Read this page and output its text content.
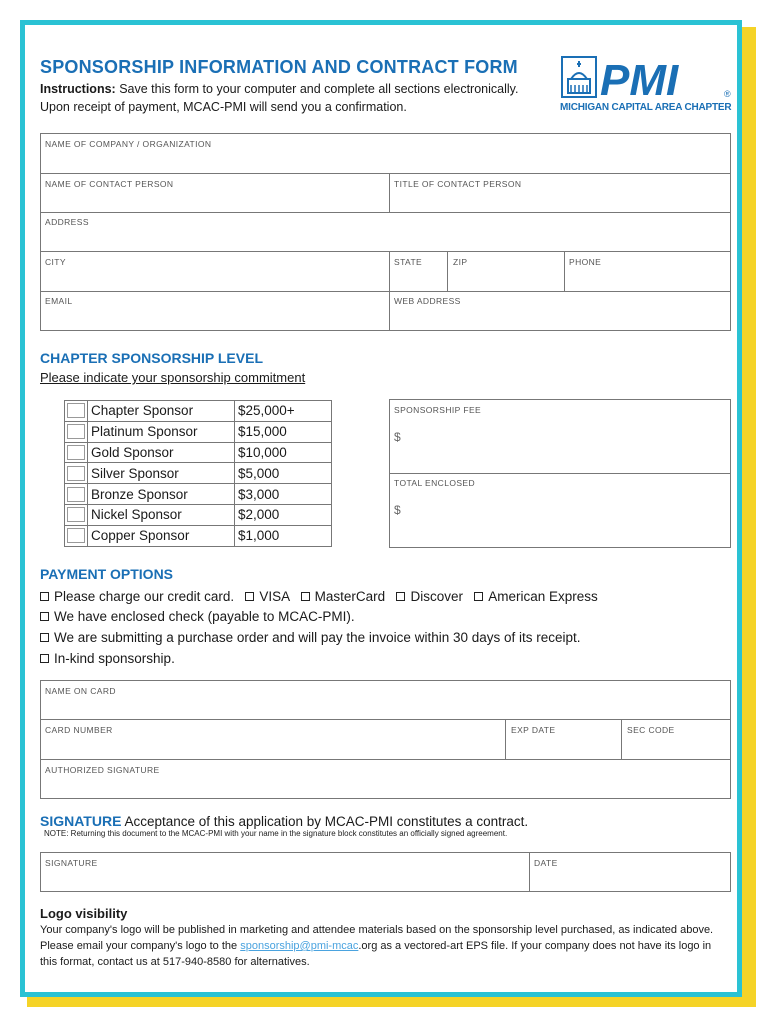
SPONSORSHIP INFORMATION AND CONTRACT FORM
Instructions: Save this form to your computer and complete all sections electronically.
Upon receipt of payment, MCAC-PMI will send you a confirmation.
PMI	®
MICHIGAN CAPITAL AREA CHAPTER
NAME OF COMPANY / ORGANIZATION
NAME OF CONTACT PERSON	TITLE OF CONTACT PERSON
ADDRESS
CITY	STATE	ZIP	PHONE
EMAIL	WEB ADDRESS
CHAPTER SPONSORSHIP LEVEL
Please indicate your sponsorship commitment
	Chapter Sponsor	$25,000+

	Platinum Sponsor	$15,000

	Gold Sponsor	$10,000

	Silver Sponsor	$5,000

	Bronze Sponsor	$3,000

	Nickel Sponsor	$2,000

	Copper Sponsor	$1,000
SPONSORSHIP FEE
$
TOTAL ENCLOSED
$
PAYMENT OPTIONS
Please charge our credit card. VISA MasterCard Discover American Express
We have enclosed check (payable to MCAC-PMI).
We are submitting a purchase order and will pay the invoice within 30 days of its receipt.
In-kind sponsorship.
NAME ON CARD
CARD NUMBER	EXP DATE	SEC CODE
AUTHORIZED SIGNATURE
SIGNATURE Acceptance of this application by MCAC-PMI constitutes a contract.
NOTE: Returning this document to the MCAC-PMI with your name in the signature block constitutes an officially signed agreement.
SIGNATURE	DATE
Logo visibility
Your company's logo will be published in marketing and attendee materials based on the sponsorship level purchased, as indicated above. Please email your company's logo to the sponsorship@pmi-mcac.org as a vectored-art EPS file. If your company does not have its logo in this format, contact us at 517-940-8580 for alternatives.
